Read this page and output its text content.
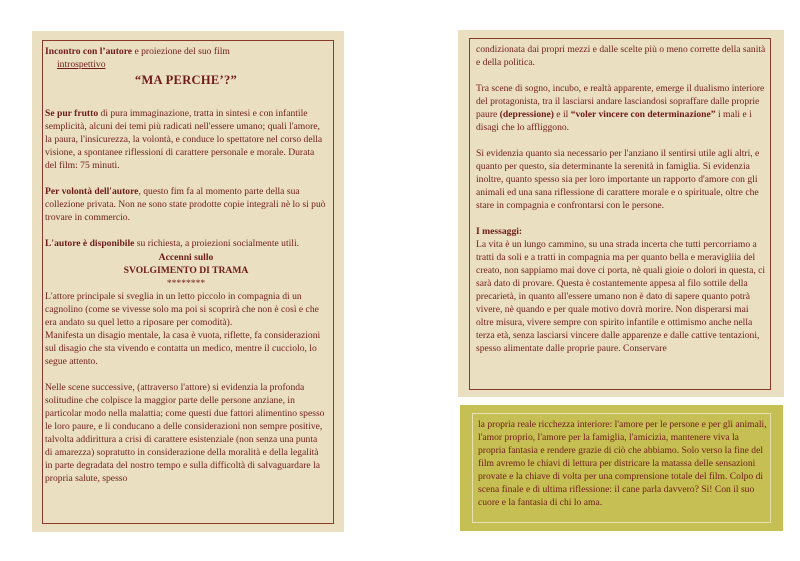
Incontro con l’autore e proiezione del suo film

introspettivo

“MA PERCHE’?”

Se pur frutto di pura immaginazione, tratta in sintesi e con infantile semplicità, alcuni dei temi più radicati nell'essere umano; quali l'amore, la paura, l'insicurezza, la volontà, e conduce lo spettatore nel corso della visione, a spontanee riflessioni di carattere personale e morale. Durata del film: 75 minuti.

Per volontà dell'autore, questo fim fa al momento parte della sua collezione privata. Non ne sono state prodotte copie integrali nè lo si può trovare in commercio.

L'autore è disponibile su richiesta, a proiezioni socialmente utili.

Accenni sullo

SVOLGIMENTO DI TRAMA

********

L'attore principale si sveglia in un letto piccolo in compagnia di un cagnolino (come se vivesse solo ma poi si scoprirà che non è così e che era andato su quel letto a riposare per comodità).

Manifesta un disagio mentale, la casa è vuota, riflette, fa considerazioni sul disagio che sta vivendo e contatta un medico, mentre il cucciolo, lo segue attento.

Nelle scene successive, (attraverso l'attore) si evidenzia la profonda solitudine che colpisce la maggior parte delle persone anziane, in particolar modo nella malattia; come questi due fattori alimentino spesso le loro paure, e li conducano a delle considerazioni non sempre positive, talvolta addirittura a crisi di carattere esistenziale (non senza una punta di amarezza) sopratutto in considerazione della moralità e della legalità in parte degradata del nostro tempo e sulla difficoltà di salvaguardare la propria salute, spesso

condizionata dai propri mezzi e dalle scelte più o meno corrette della sanità e della politica.

Tra scene di sogno, incubo, e realtà apparente, emerge il dualismo interiore del protagonista, tra il lasciarsi andare lasciandosi sopraffare dalle proprie paure (depressione) e il “voler vincere con determinazione” i mali e i disagi che lo affliggono.

Si evidenzia quanto sia necessario per l'anziano il sentirsi utile agli altri, e quanto per questo, sia determinante la serenità in famiglia. Si evidenzia inoltre, quanto spesso sia per loro importante un rapporto d'amore con gli animali ed una sana riflessione di carattere morale e o spirituale, oltre che stare in compagnia e confrontarsi con le persone.

I messaggi:

La vita è un lungo cammino, su una strada incerta che tutti percorriamo a tratti da soli e a tratti in compagnia ma per quanto bella e meravigliia del creato, non sappiamo mai dove ci porta, nè quali gioie o dolori in questa, ci sarà dato di provare. Questa è costantemente appesa al filo sottile della precarietà, in quanto all'essere umano non è dato di sapere quanto potrà vivere, nè quando e per quale motivo dovrà morire. Non disperarsi mai oltre misura, vivere sempre con spirito infantile e ottimismo anche nella terza età, senza lasciarsi vincere dalle apparenze e dalle cattive tentazioni, spesso alimentate dalle proprie paure. Conservare

la propria reale ricchezza interiore: l'amore per le persone e per gli animali, l'amor proprio, l'amore per la famiglia, l'amicizia, mantenere viva la propria fantasia e rendere grazie di ciò che abbiamo. Solo verso la fine del film avremo le chiavi di lettura per districare la matassa delle sensazioni provate e la chiave di volta per una comprensione totale del film. Colpo di scena finale e di ultima riflessione: il cane parla davvero? Si! Con il suo cuore e la fantasia di chi lo ama.
